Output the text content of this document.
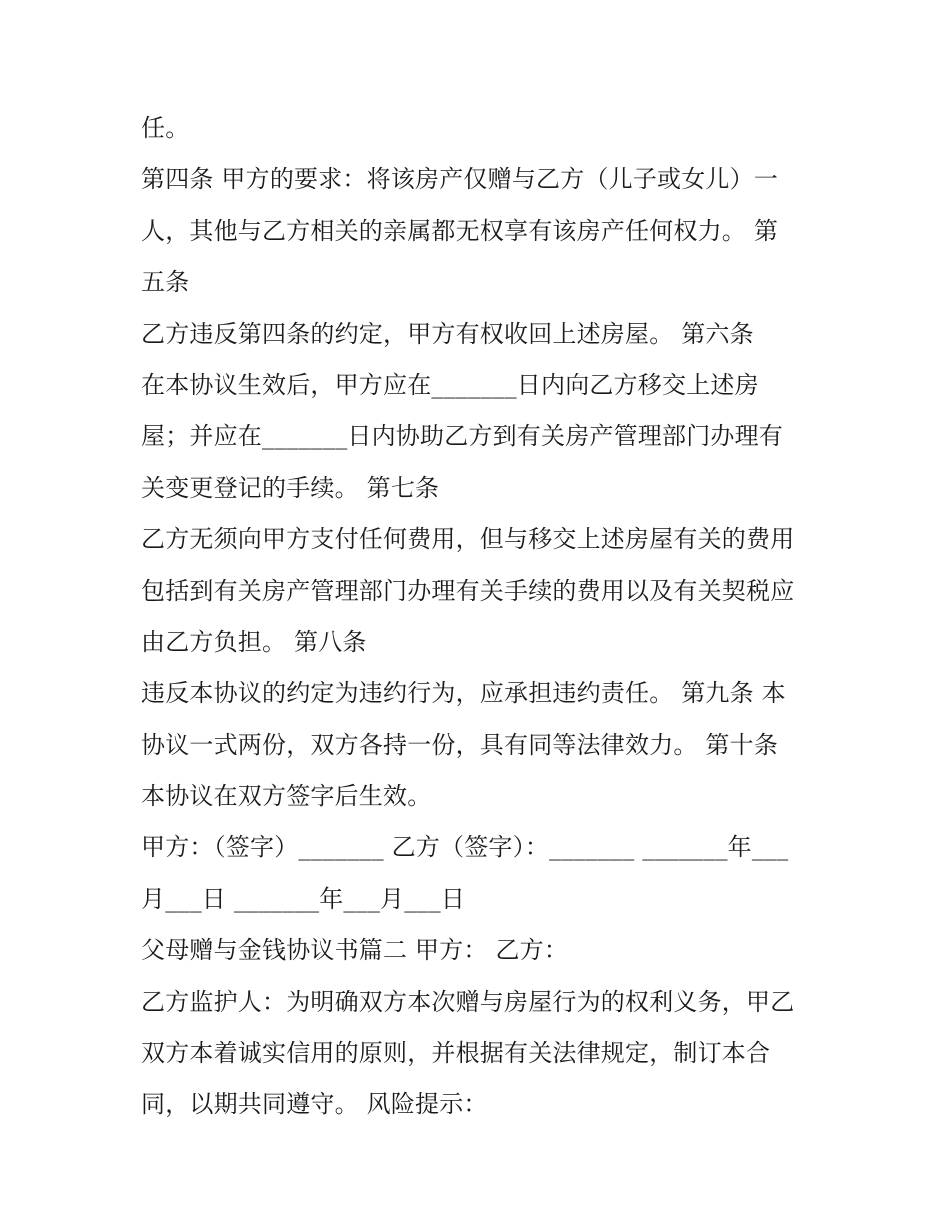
任。
第四条 甲方的要求：将该房产仅赠与乙方（儿子或女儿）一
人，其他与乙方相关的亲属都无权享有该房产任何权力。 第
五条
乙方违反第四条的约定，甲方有权收回上述房屋。 第六条
在本协议生效后，甲方应在_______日内向乙方移交上述房
屋；并应在_______日内协助乙方到有关房产管理部门办理有
关变更登记的手续。 第七条
乙方无须向甲方支付任何费用，但与移交上述房屋有关的费用
包括到有关房产管理部门办理有关手续的费用以及有关契税应
由乙方负担。 第八条
违反本协议的约定为违约行为，应承担违约责任。 第九条 本
协议一式两份，双方各持一份，具有同等法律效力。 第十条
本协议在双方签字后生效。
甲方：（签字）_______ 乙方（签字）：_______ _______年___
月___日 _______年___月___日
父母赠与金钱协议书篇二 甲方： 乙方：
乙方监护人：为明确双方本次赠与房屋行为的权利义务，甲乙
双方本着诚实信用的原则，并根据有关法律规定，制订本合
同，以期共同遵守。 风险提示：
